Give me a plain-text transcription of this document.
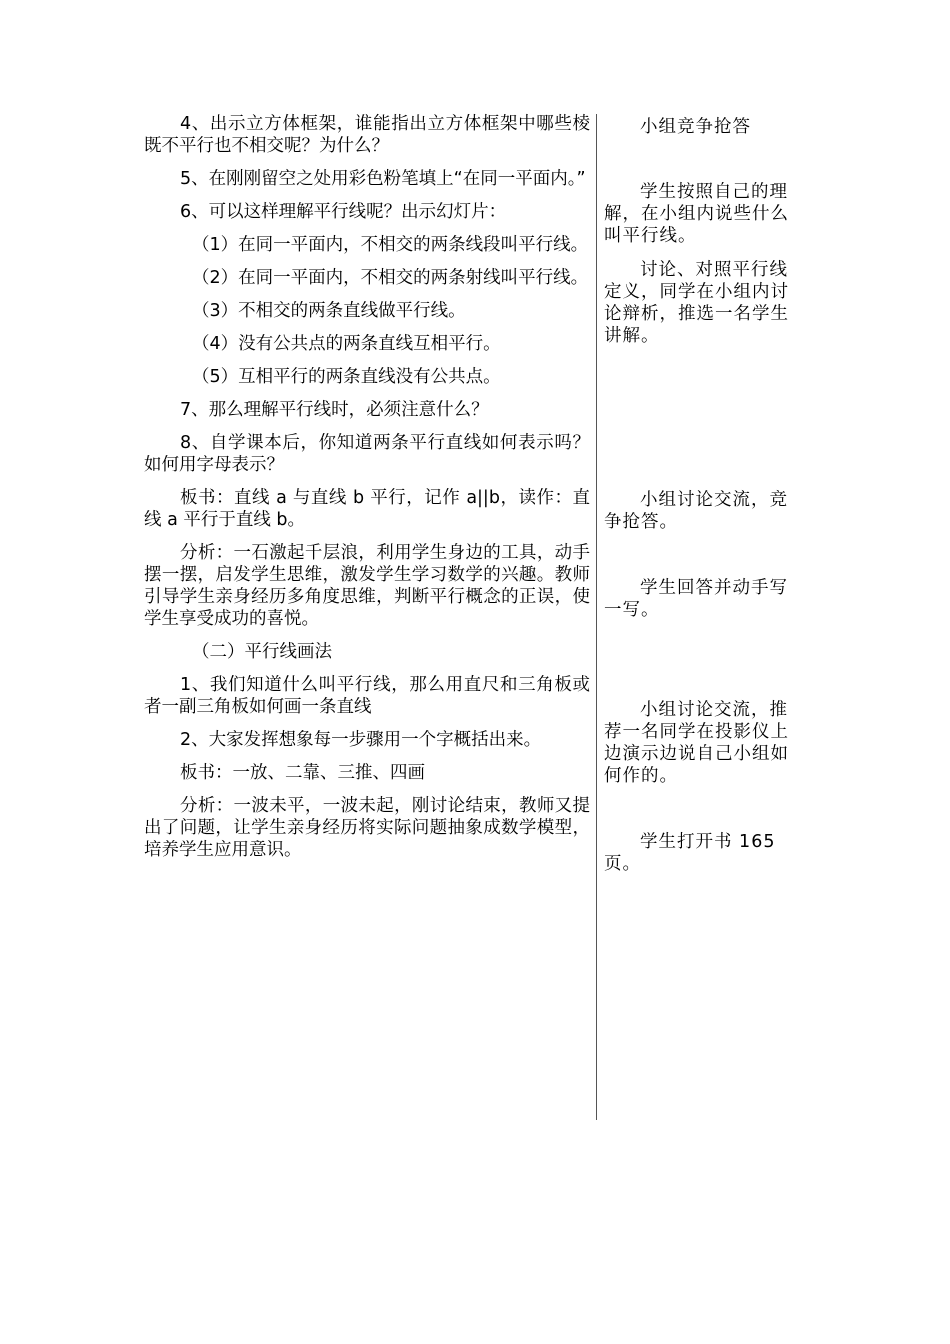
4、出示立方体框架，谁能指出立方体框架中哪些棱既不平行也不相交呢？为什么？

5、在刚刚留空之处用彩色粉笔填上“在同一平面内。”

6、可以这样理解平行线呢？出示幻灯片：

（1）在同一平面内，不相交的两条线段叫平行线。

（2）在同一平面内，不相交的两条射线叫平行线。

（3）不相交的两条直线做平行线。

（4）没有公共点的两条直线互相平行。

（5）互相平行的两条直线没有公共点。

7、那么理解平行线时，必须注意什么？

8、自学课本后，你知道两条平行直线如何表示吗？如何用字母表示？

板书：直线 a 与直线 b 平行，记作 a||b，读作：直线 a 平行于直线 b。

分析：一石激起千层浪，利用学生身边的工具，动手摆一摆，启发学生思维，激发学生学习数学的兴趣。教师引导学生亲身经历多角度思维，判断平行概念的正误，使学生享受成功的喜悦。

（二）平行线画法

1、我们知道什么叫平行线，那么用直尺和三角板或者一副三角板如何画一条直线

2、大家发挥想象每一步骤用一个字概括出来。

板书：一放、二靠、三推、四画

分析：一波未平，一波未起，刚讨论结束，教师又提出了问题，让学生亲身经历将实际问题抽象成数学模型，培养学生应用意识。

小组竞争抢答

学生按照自己的理解，在小组内说些什么叫平行线。

讨论、对照平行线定义，同学在小组内讨论辩析，推选一名学生讲解。

小组讨论交流，竞争抢答。

学生回答并动手写一写。

小组讨论交流，推荐一名同学在投影仪上边演示边说自己小组如何作的。

学生打开书 165 页。
